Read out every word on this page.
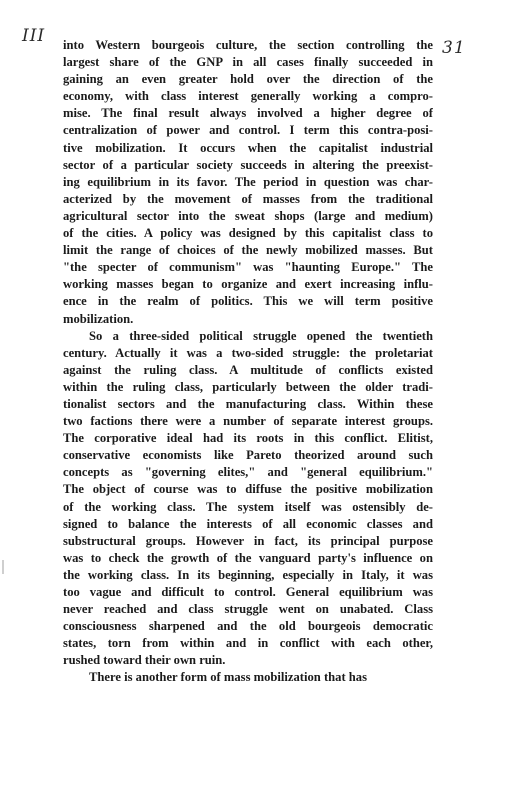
III
31
into Western bourgeois culture, the section controlling the
largest share of the GNP in all cases finally succeeded in
gaining an even greater hold over the direction of the
economy, with class interest generally working a compro-
mise. The final result always involved a higher degree of
centralization of power and control. I term this contra-posi-
tive mobilization. It occurs when the capitalist industrial
sector of a particular society succeeds in altering the preexist-
ing equilibrium in its favor. The period in question was char-
acterized by the movement of masses from the traditional
agricultural sector into the sweat shops (large and medium)
of the cities. A policy was designed by this capitalist class to
limit the range of choices of the newly mobilized masses. But
"the specter of communism" was "haunting Europe." The
working masses began to organize and exert increasing influ-
ence in the realm of politics. This we will term positive
mobilization.
So a three-sided political struggle opened the twentieth
century. Actually it was a two-sided struggle: the proletariat
against the ruling class. A multitude of conflicts existed
within the ruling class, particularly between the older tradi-
tionalist sectors and the manufacturing class. Within these
two factions there were a number of separate interest groups.
The corporative ideal had its roots in this conflict. Elitist,
conservative economists like Pareto theorized around such
concepts as "governing elites," and "general equilibrium."
The object of course was to diffuse the positive mobilization
of the working class. The system itself was ostensibly de-
signed to balance the interests of all economic classes and
substructural groups. However in fact, its principal purpose
was to check the growth of the vanguard party's influence on
the working class. In its beginning, especially in Italy, it was
too vague and difficult to control. General equilibrium was
never reached and class struggle went on unabated. Class
consciousness sharpened and the old bourgeois democratic
states, torn from within and in conflict with each other,
rushed toward their own ruin.
There is another form of mass mobilization that has
